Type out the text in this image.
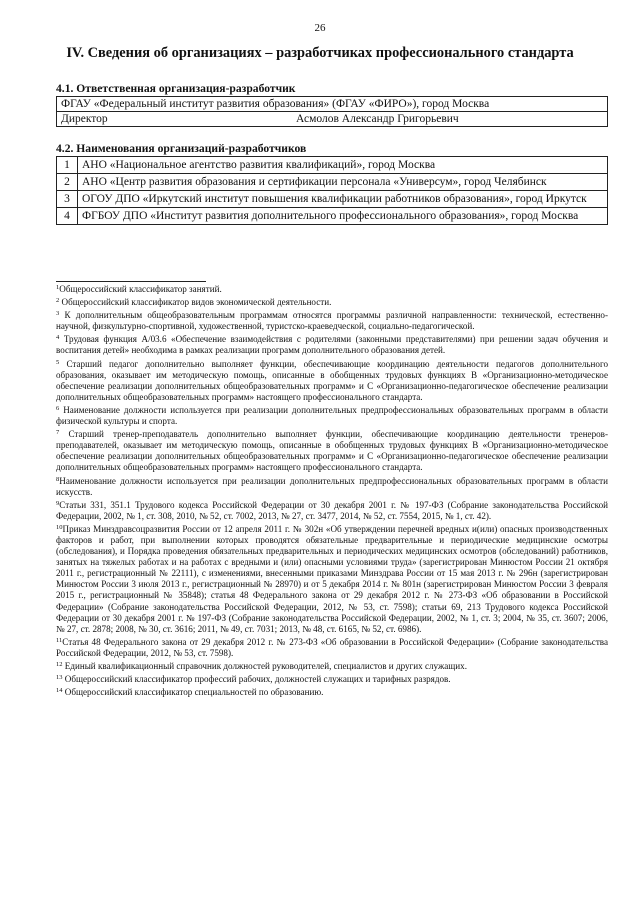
26
IV. Сведения об организациях – разработчиках профессионального стандарта
4.1. Ответственная организация-разработчик
ФГАУ «Федеральный институт развития образования» (ФГАУ «ФИРО»), город Москва

Директор	Асмолов Александр Григорьевич
4.2. Наименования организаций-разработчиков
1	АНО «Национальное агентство развития квалификаций», город Москва
2	АНО «Центр развития образования и сертификации персонала «Универсум», город Челябинск
3	ОГОУ ДПО «Иркутский институт повышения квалификации работников образования», город Иркутск
4	ФГБОУ ДПО «Институт развития дополнительного профессионального образования», город Москва

$^1$Общероссийский классификатор занятий.

$^2$ Общероссийский классификатор видов экономической деятельности.

$^3$ К дополнительным общеобразовательным программам относятся программы различной направленности: технической, естественно-научной, физкультурно-спортивной, художественной, туристско-краеведческой, социально-педагогической.

$^4$ Трудовая функция A/03.6 «Обеспечение взаимодействия с родителями (законными представителями) при решении задач обучения и воспитания детей» необходима в рамках реализации программ дополнительного образования детей.

$^5$ Старший педагог дополнительно выполняет функции, обеспечивающие координацию деятельности педагогов дополнительного образования, оказывает им методическую помощь, описанные в обобщенных трудовых функциях В «Организационно-методическое обеспечение реализации дополнительных общеобразовательных программ» и С «Организационно-педагогическое обеспечение реализации дополнительных общеобразовательных программ» настоящего профессионального стандарта.

$^6$ Наименование должности используется при реализации дополнительных предпрофессиональных образовательных программ в области физической культуры и спорта.

$^7$ Старший тренер-преподаватель дополнительно выполняет функции, обеспечивающие координацию деятельности тренеров-преподавателей, оказывает им методическую помощь, описанные в обобщенных трудовых функциях В «Организационно-методическое обеспечение реализации дополнительных общеобразовательных программ» и С «Организационно-педагогическое обеспечение реализации дополнительных общеобразовательных программ» настоящего профессионального стандарта.

$^8$Наименование должности используется при реализации дополнительных предпрофессиональных образовательных программ в области искусств.

$^9$Статьи 331, 351.1 Трудового кодекса Российской Федерации от 30 декабря 2001 г. № 197-ФЗ (Собрание законодательства Российской Федерации, 2002, № 1, ст. 308, 2010, № 52, ст. 7002, 2013, № 27, ст. 3477, 2014, № 52, ст. 7554, 2015, № 1, ст. 42).

$^{10}$Приказ Минздравсоцразвития России от 12 апреля 2011 г. № 302н «Об утверждении перечней вредных и(или) опасных производственных факторов и работ, при выполнении которых проводятся обязательные предварительные и периодические медицинские осмотры (обследования), и Порядка проведения обязательных предварительных и периодических медицинских осмотров (обследований) работников, занятых на тяжелых работах и на работах с вредными и (или) опасными условиями труда» (зарегистрирован Минюстом России 21 октября 2011 г., регистрационный № 22111), с изменениями, внесенными приказами Минздрава России от 15 мая 2013 г. № 296н (зарегистрирован Минюстом России 3 июля 2013 г., регистрационный № 28970) и от 5 декабря 2014 г. № 801н (зарегистрирован Минюстом России 3 февраля 2015 г., регистрационный № 35848); статья 48 Федерального закона от 29 декабря 2012 г. № 273-ФЗ «Об образовании в Российской Федерации» (Собрание законодательства Российской Федерации, 2012, № 53, ст. 7598); статьи 69, 213 Трудового кодекса Российской Федерации от 30 декабря 2001 г. № 197-ФЗ (Собрание законодательства Российской Федерации, 2002, № 1, ст. 3; 2004, № 35, ст. 3607; 2006, № 27, ст. 2878; 2008, № 30, ст. 3616; 2011, № 49, ст. 7031; 2013, № 48, ст. 6165, № 52, ст. 6986).

$^{11}$Статья 48 Федерального закона от 29 декабря 2012 г. № 273-ФЗ «Об образовании в Российской Федерации» (Собрание законодательства Российской Федерации, 2012, № 53, ст. 7598).

$^{12}$ Единый квалификационный справочник должностей руководителей, специалистов и других служащих.

$^{13}$ Общероссийский классификатор профессий рабочих, должностей служащих и тарифных разрядов.

$^{14}$ Общероссийский классификатор специальностей по образованию.
